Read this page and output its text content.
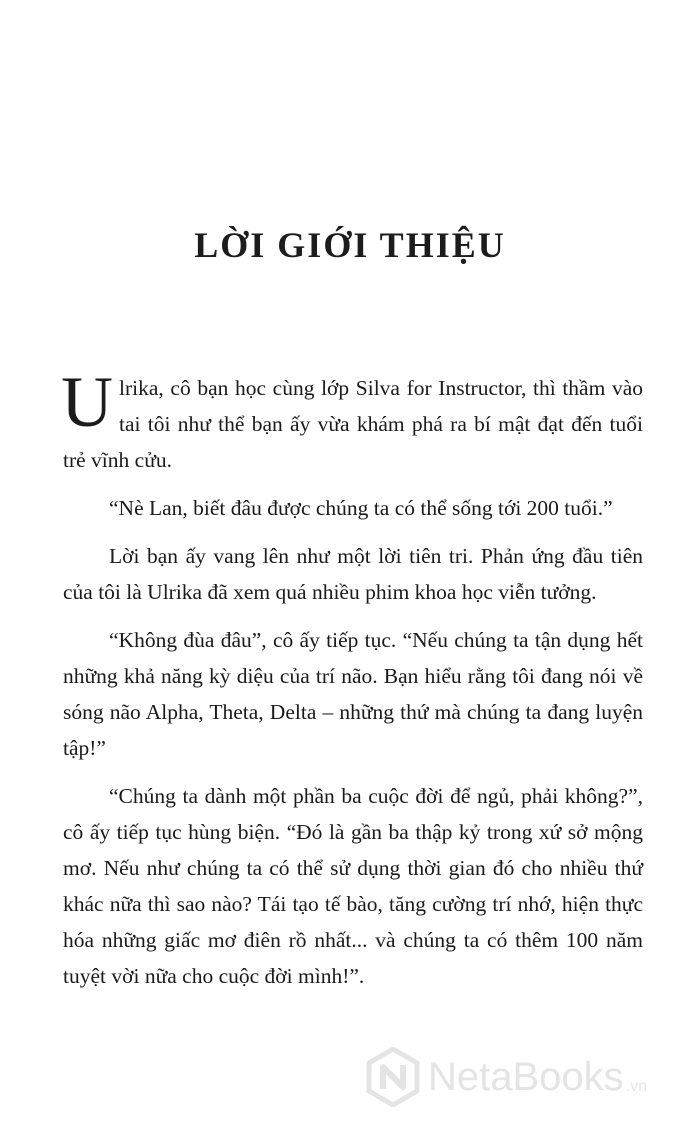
LỜI GIỚI THIỆU

Ulrika, cô bạn học cùng lớp Silva for Instructor, thì thầm vào tai tôi như thể bạn ấy vừa khám phá ra bí mật đạt đến tuổi trẻ vĩnh cửu.

“Nè Lan, biết đâu được chúng ta có thể sống tới 200 tuổi.”

Lời bạn ấy vang lên như một lời tiên tri. Phản ứng đầu tiên của tôi là Ulrika đã xem quá nhiều phim khoa học viễn tưởng.

“Không đùa đâu”, cô ấy tiếp tục. “Nếu chúng ta tận dụng hết những khả năng kỳ diệu của trí não. Bạn hiểu rằng tôi đang nói về sóng não Alpha, Theta, Delta – những thứ mà chúng ta đang luyện tập!”

“Chúng ta dành một phần ba cuộc đời để ngủ, phải không?”, cô ấy tiếp tục hùng biện. “Đó là gần ba thập kỷ trong xứ sở mộng mơ. Nếu như chúng ta có thể sử dụng thời gian đó cho nhiều thứ khác nữa thì sao nào? Tái tạo tế bào, tăng cường trí nhớ, hiện thực hóa những giấc mơ điên rồ nhất... và chúng ta có thêm 100 năm tuyệt vời nữa cho cuộc đời mình!”.

NetaBooks .vn
